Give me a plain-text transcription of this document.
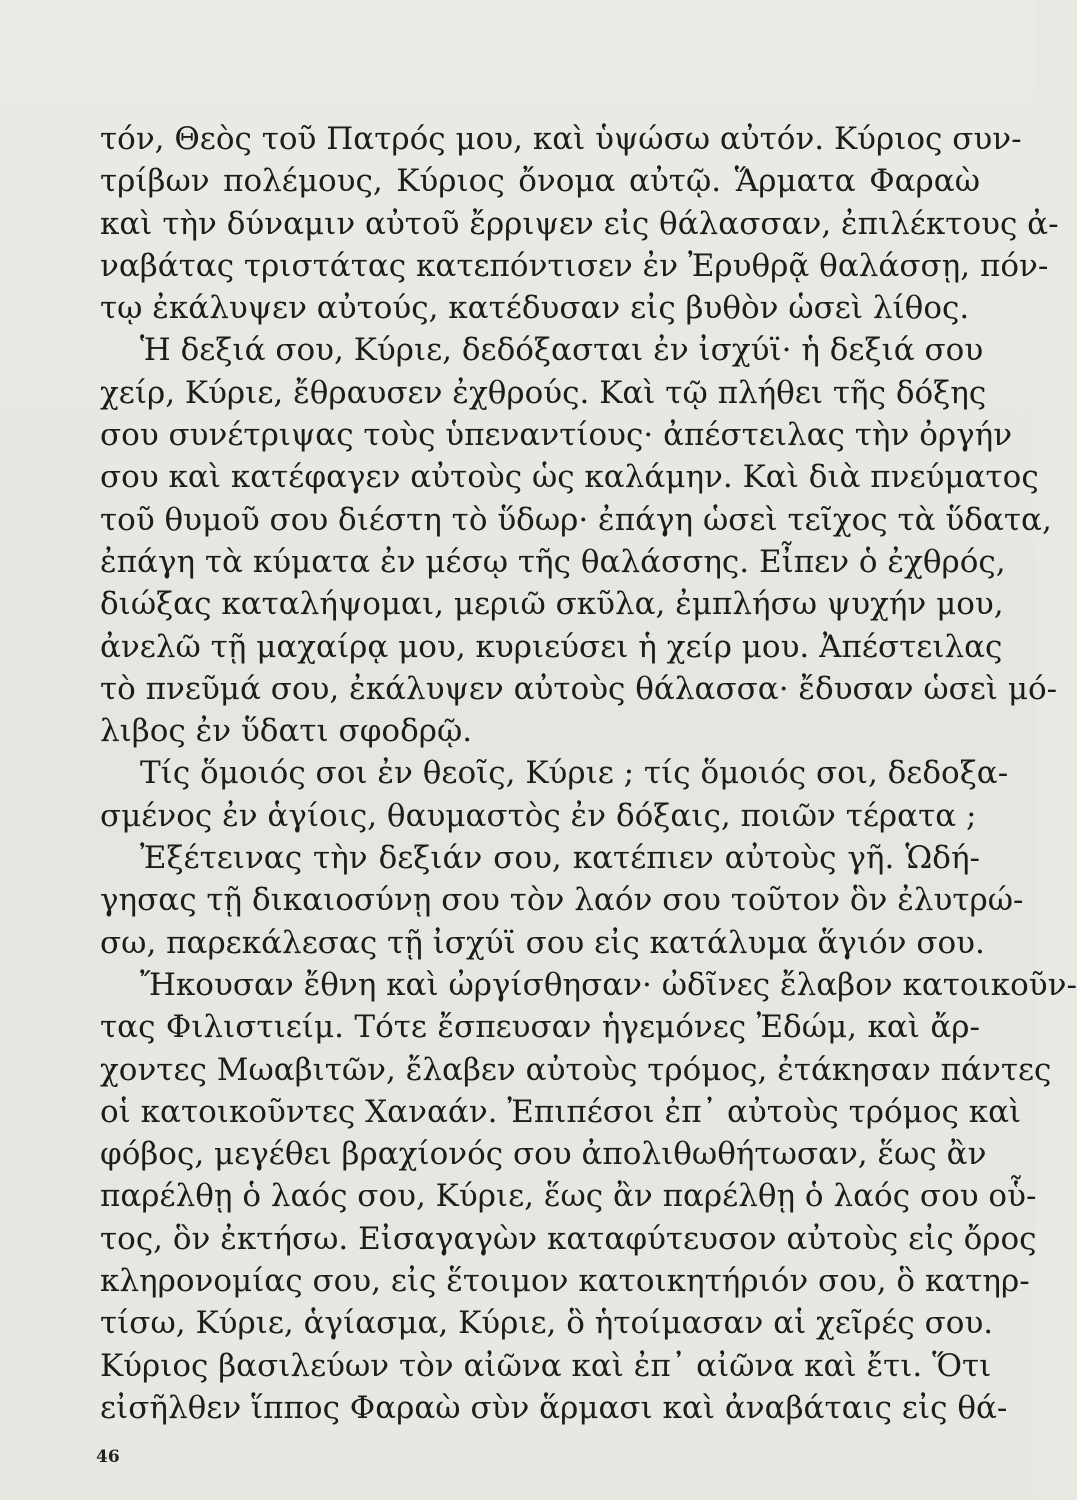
τόν, Θεὸς τοῦ Πατρός μου, καὶ ὑψώσω αὐτόν. Κύριος συν-
τρίβων πολέμους, Κύριος ὄνομα αὐτῷ. Ἅρματα Φαραὼ
καὶ τὴν δύναμιν αὐτοῦ ἔρριψεν εἰς θάλασσαν, ἐπιλέκτους ἀ-
ναβάτας τριστάτας κατεπόντισεν ἐν Ἐρυθρᾷ θαλάσσῃ, πόν-
τῳ ἐκάλυψεν αὐτούς, κατέδυσαν εἰς βυθὸν ὡσεὶ λίθος.
Ἡ δεξιά σου, Κύριε, δεδόξασται ἐν ἰσχύϊ· ἡ δεξιά σου
χείρ, Κύριε, ἔθραυσεν ἐχθρούς. Καὶ τῷ πλήθει τῆς δόξης
σου συνέτριψας τοὺς ὑπεναντίους· ἀπέστειλας τὴν ὀργήν
σου καὶ κατέφαγεν αὐτοὺς ὡς καλάμην. Καὶ διὰ πνεύματος
τοῦ θυμοῦ σου διέστη τὸ ὕδωρ· ἐπάγη ὡσεὶ τεῖχος τὰ ὕδατα,
ἐπάγη τὰ κύματα ἐν μέσῳ τῆς θαλάσσης. Εἶπεν ὁ ἐχθρός,
διώξας καταλήψομαι, μεριῶ σκῦλα, ἐμπλήσω ψυχήν μου,
ἀνελῶ τῇ μαχαίρᾳ μου, κυριεύσει ἡ χείρ μου. Ἀπέστειλας
τὸ πνεῦμά σου, ἐκάλυψεν αὐτοὺς θάλασσα· ἔδυσαν ὡσεὶ μό-
λιβος ἐν ὕδατι σφοδρῷ.
Τίς ὅμοιός σοι ἐν θεοῖς, Κύριε ; τίς ὅμοιός σοι, δεδοξα-
σμένος ἐν ἁγίοις, θαυμαστὸς ἐν δόξαις, ποιῶν τέρατα ;
Ἐξέτεινας τὴν δεξιάν σου, κατέπιεν αὐτοὺς γῆ. Ὡδή-
γησας τῇ δικαιοσύνῃ σου τὸν λαόν σου τοῦτον ὃν ἐλυτρώ-
σω, παρεκάλεσας τῇ ἰσχύϊ σου εἰς κατάλυμα ἅγιόν σου.
Ἤκουσαν ἔθνη καὶ ὠργίσθησαν· ὠδῖνες ἔλαβον κατοικοῦν-
τας Φιλιστιείμ. Τότε ἔσπευσαν ἡγεμόνες Ἐδώμ, καὶ ἄρ-
χοντες Μωαβιτῶν, ἔλαβεν αὐτοὺς τρόμος, ἐτάκησαν πάντες
οἱ κατοικοῦντες Χαναάν. Ἐπιπέσοι ἐπ᾽ αὐτοὺς τρόμος καὶ
φόβος, μεγέθει βραχίονός σου ἀπολιθωθήτωσαν, ἕως ἂν
παρέλθῃ ὁ λαός σου, Κύριε, ἕως ἂν παρέλθῃ ὁ λαός σου οὗ-
τος, ὃν ἐκτήσω. Εἰσαγαγὼν καταφύτευσον αὐτοὺς εἰς ὄρος
κληρονομίας σου, εἰς ἕτοιμον κατοικητήριόν σου, ὃ κατηρ-
τίσω, Κύριε, ἁγίασμα, Κύριε, ὃ ἡτοίμασαν αἱ χεῖρές σου.
Κύριος βασιλεύων τὸν αἰῶνα καὶ ἐπ᾽ αἰῶνα καὶ ἔτι. Ὅτι
εἰσῆλθεν ἵππος Φαραὼ σὺν ἅρμασι καὶ ἀναβάταις εἰς θά-
46
